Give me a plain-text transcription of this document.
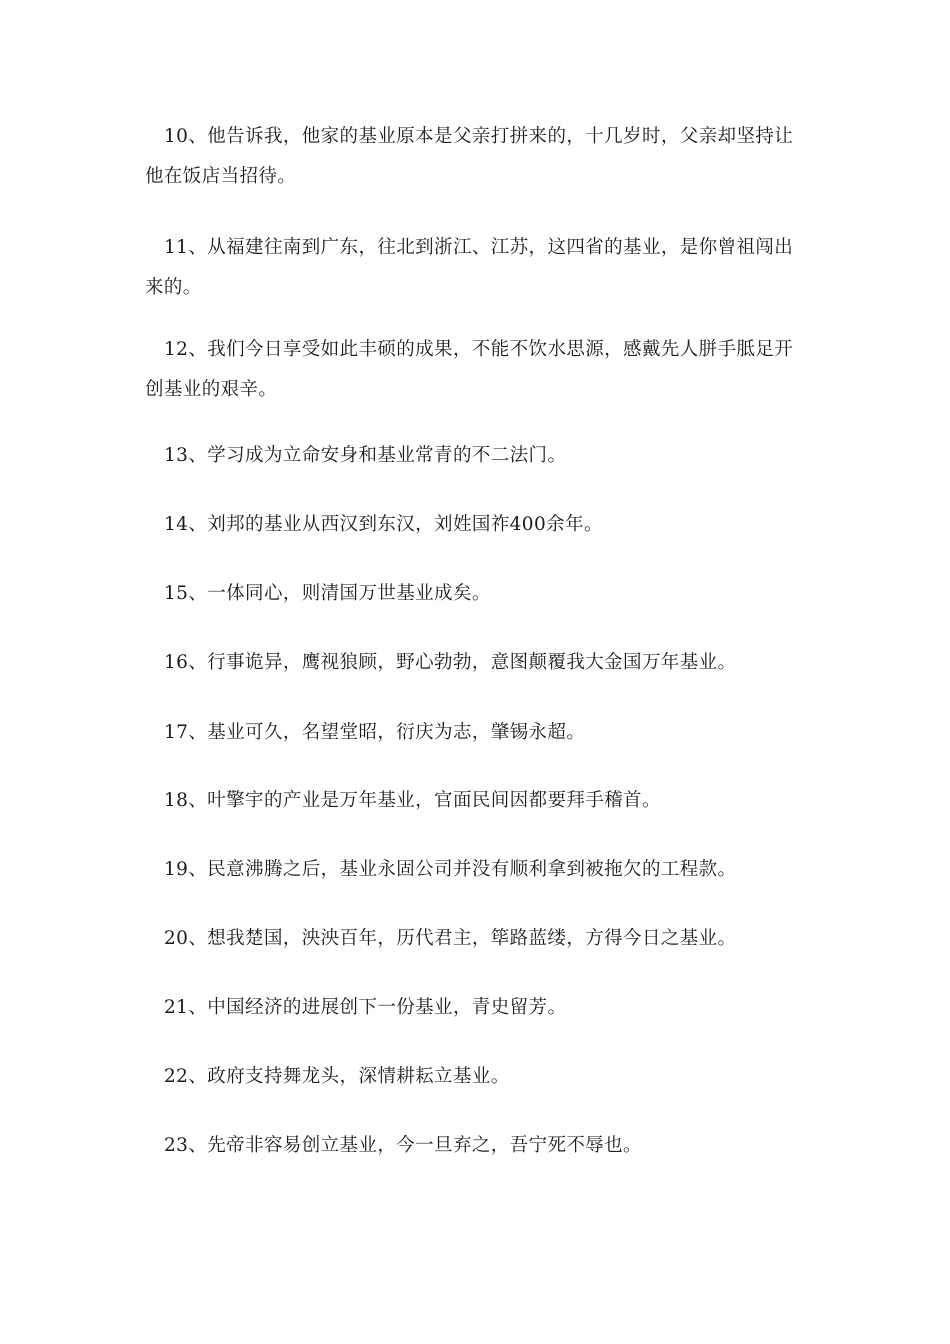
10、他告诉我，他家的基业原本是父亲打拼来的，十几岁时，父亲却坚持让他在饭店当招待。

11、从福建往南到广东，往北到浙江、江苏，这四省的基业，是你曾祖闯出来的。

12、我们今日享受如此丰硕的成果，不能不饮水思源，感戴先人胼手胝足开创基业的艰辛。

13、学习成为立命安身和基业常青的不二法门。

14、刘邦的基业从西汉到东汉，刘姓国祚400余年。

15、一体同心，则清国万世基业成矣。

16、行事诡异，鹰视狼顾，野心勃勃，意图颠覆我大金国万年基业。

17、基业可久，名望堂昭，衍庆为志，肇锡永超。

18、叶擎宇的产业是万年基业，官面民间因都要拜手稽首。

19、民意沸腾之后，基业永固公司并没有顺利拿到被拖欠的工程款。

20、想我楚国，泱泱百年，历代君主，筚路蓝缕，方得今日之基业。

21、中国经济的进展创下一份基业，青史留芳。

22、政府支持舞龙头，深情耕耘立基业。

23、先帝非容易创立基业，今一旦弃之，吾宁死不辱也。
